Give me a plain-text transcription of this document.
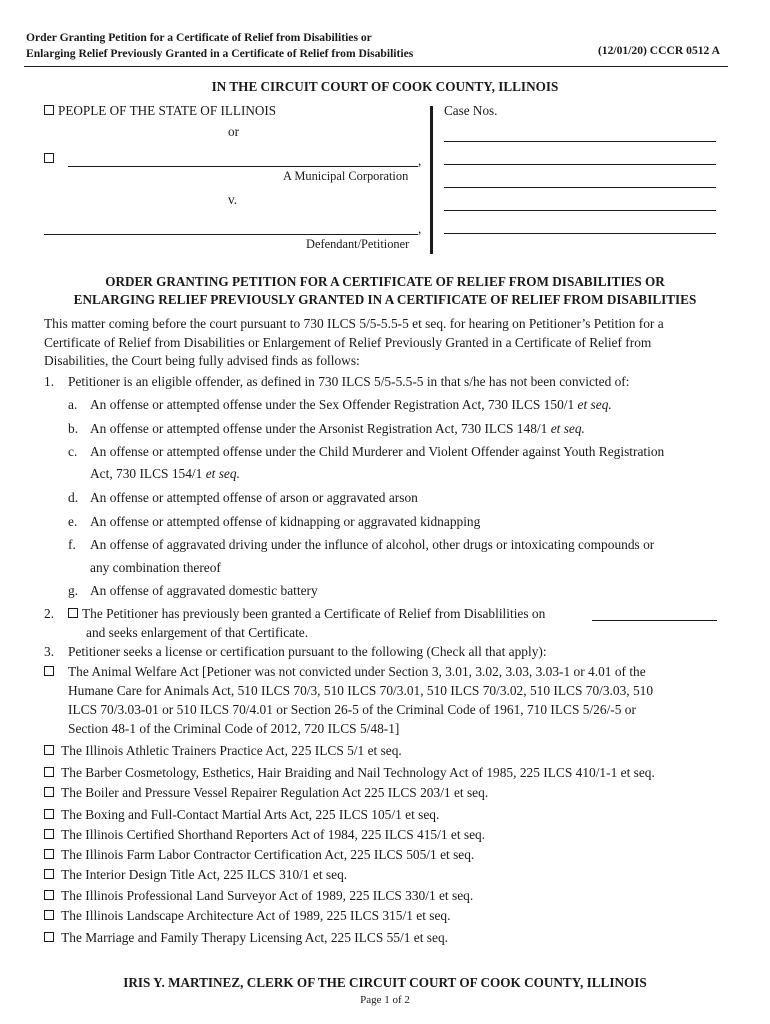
Order Granting Petition for a Certificate of Relief from Disabilities or
Enlarging Relief Previously Granted in a Certificate of Relief from Disabilities	(12/01/20) CCCR 0512 A
IN THE CIRCUIT COURT OF COOK COUNTY, ILLINOIS
PEOPLE OF THE STATE OF ILLINOIS
or
,
A Municipal Corporation
v.
,
Defendant/Petitioner
Case Nos.
ORDER GRANTING PETITION FOR A CERTIFICATE OF RELIEF FROM DISABILITIES OR
ENLARGING RELIEF PREVIOUSLY GRANTED IN A CERTIFICATE OF RELIEF FROM DISABILITIES
This matter coming before the court pursuant to 730 ILCS 5/5-5.5-5 et seq. for hearing on Petitioner’s Petition for a
Certificate of Relief from Disabilities or Enlargement of Relief Previously Granted in a Certificate of Relief from
Disabilities, the Court being fully advised finds as follows:
1. Petitioner is an eligible offender, as defined in 730 ILCS 5/5-5.5-5 in that s/he has not been convicted of:
a. An offense or attempted offense under the Sex Offender Registration Act, 730 ILCS 150/1 et seq.
b. An offense or attempted offense under the Arsonist Registration Act, 730 ILCS 148/1 et seq.
c. An offense or attempted offense under the Child Murderer and Violent Offender against Youth Registration
Act, 730 ILCS 154/1 et seq.
d. An offense or attempted offense of arson or aggravated arson
e. An offense or attempted offense of kidnapping or aggravated kidnapping
f. An offense of aggravated driving under the influnce of alcohol, other drugs or intoxicating compounds or
any combination thereof
g. An offense of aggravated domestic battery
2.	The Petitioner has previously been granted a Certificate of Relief from Disablilities on
and seeks enlargement of that Certificate.
3. Petitioner seeks a license or certification pursuant to the following (Check all that apply):
The Animal Welfare Act [Petioner was not convicted under Section 3, 3.01, 3.02, 3.03, 3.03-1 or 4.01 of the
Humane Care for Animals Act, 510 ILCS 70/3, 510 ILCS 70/3.01, 510 ILCS 70/3.02, 510 ILCS 70/3.03, 510
ILCS 70/3.03-01 or 510 ILCS 70/4.01 or Section 26-5 of the Criminal Code of 1961, 710 ILCS 5/26/-5 or
Section 48-1 of the Criminal Code of 2012, 720 ILCS 5/48-1]
The Illinois Athletic Trainers Practice Act, 225 ILCS 5/1 et seq.
The Barber Cosmetology, Esthetics, Hair Braiding and Nail Technology Act of 1985, 225 ILCS 410/1-1 et seq.
The Boiler and Pressure Vessel Repairer Regulation Act 225 ILCS 203/1 et seq.
The Boxing and Full-Contact Martial Arts Act, 225 ILCS 105/1 et seq.
The Illinois Certified Shorthand Reporters Act of 1984, 225 ILCS 415/1 et seq.
The Illinois Farm Labor Contractor Certification Act, 225 ILCS 505/1 et seq.
The Interior Design Title Act, 225 ILCS 310/1 et seq.
The Illinois Professional Land Surveyor Act of 1989, 225 ILCS 330/1 et seq.
The Illinois Landscape Architecture Act of 1989, 225 ILCS 315/1 et seq.
The Marriage and Family Therapy Licensing Act, 225 ILCS 55/1 et seq.
IRIS Y. MARTINEZ, CLERK OF THE CIRCUIT COURT OF COOK COUNTY, ILLINOIS
Page 1 of 2
